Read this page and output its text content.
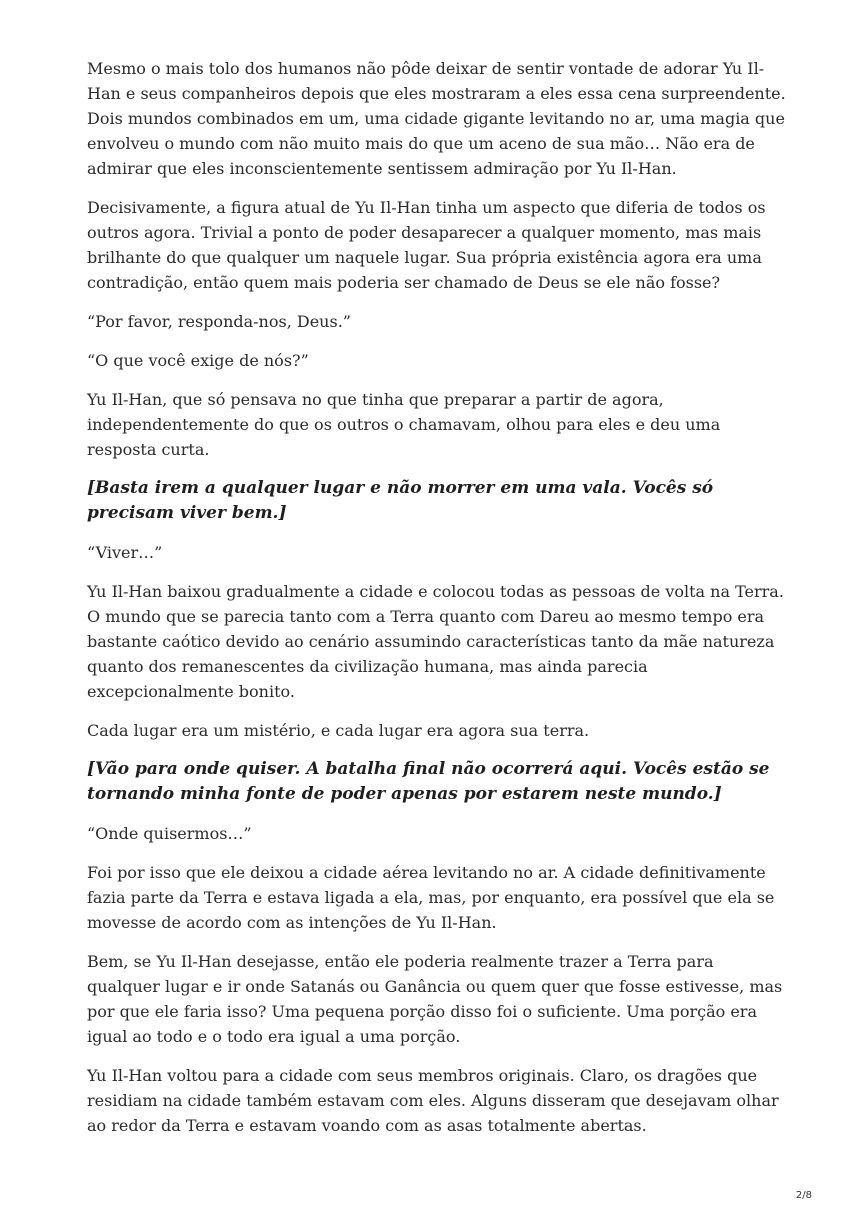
Mesmo o mais tolo dos humanos não pôde deixar de sentir vontade de adorar Yu Il-Han e seus companheiros depois que eles mostraram a eles essa cena surpreendente. Dois mundos combinados em um, uma cidade gigante levitando no ar, uma magia que envolveu o mundo com não muito mais do que um aceno de sua mão… Não era de admirar que eles inconscientemente sentissem admiração por Yu Il-Han.

Decisivamente, a figura atual de Yu Il-Han tinha um aspecto que diferia de todos os outros agora. Trivial a ponto de poder desaparecer a qualquer momento, mas mais brilhante do que qualquer um naquele lugar. Sua própria existência agora era uma contradição, então quem mais poderia ser chamado de Deus se ele não fosse?

“Por favor, responda-nos, Deus.”

“O que você exige de nós?”

Yu Il-Han, que só pensava no que tinha que preparar a partir de agora, independentemente do que os outros o chamavam, olhou para eles e deu uma resposta curta.

[Basta irem a qualquer lugar e não morrer em uma vala. Vocês só precisam viver bem.]

“Viver…”

Yu Il-Han baixou gradualmente a cidade e colocou todas as pessoas de volta na Terra. O mundo que se parecia tanto com a Terra quanto com Dareu ao mesmo tempo era bastante caótico devido ao cenário assumindo características tanto da mãe natureza quanto dos remanescentes da civilização humana, mas ainda parecia excepcionalmente bonito.

Cada lugar era um mistério, e cada lugar era agora sua terra.

[Vão para onde quiser. A batalha final não ocorrerá aqui. Vocês estão se tornando minha fonte de poder apenas por estarem neste mundo.]

“Onde quisermos…”

Foi por isso que ele deixou a cidade aérea levitando no ar. A cidade definitivamente fazia parte da Terra e estava ligada a ela, mas, por enquanto, era possível que ela se movesse de acordo com as intenções de Yu Il-Han.

Bem, se Yu Il-Han desejasse, então ele poderia realmente trazer a Terra para qualquer lugar e ir onde Satanás ou Ganância ou quem quer que fosse estivesse, mas por que ele faria isso? Uma pequena porção disso foi o suficiente. Uma porção era igual ao todo e o todo era igual a uma porção.

Yu Il-Han voltou para a cidade com seus membros originais. Claro, os dragões que residiam na cidade também estavam com eles. Alguns disseram que desejavam olhar ao redor da Terra e estavam voando com as asas totalmente abertas.

2/8
